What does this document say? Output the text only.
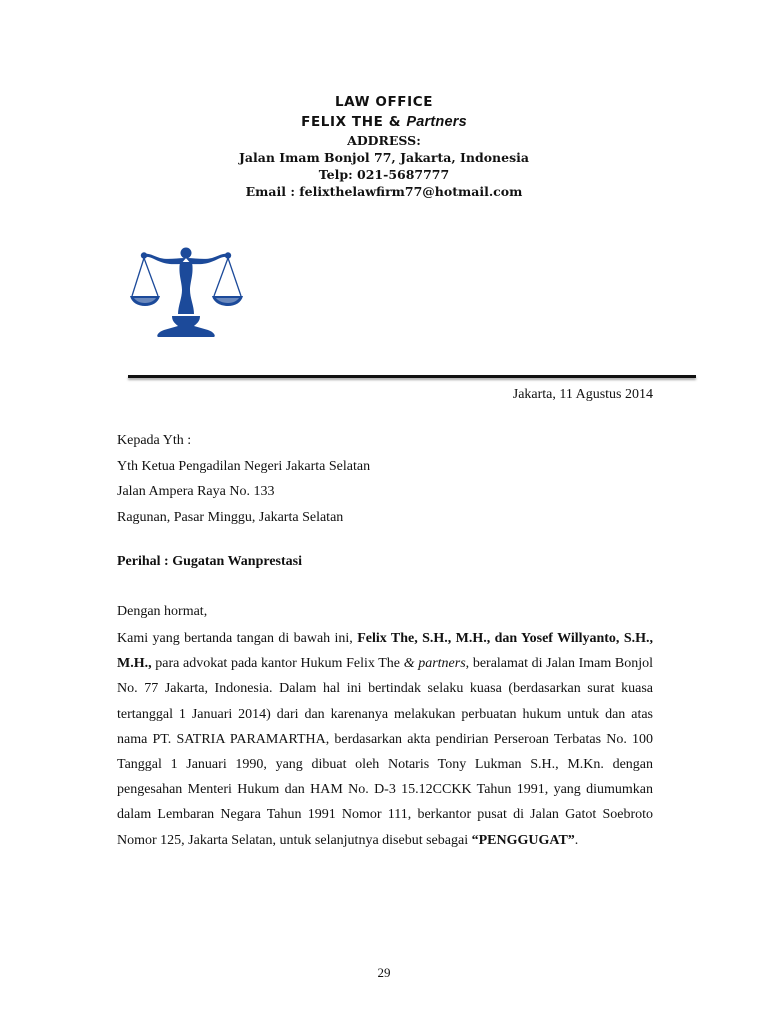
LAW OFFICE
FELIX THE & Partners
ADDRESS:
Jalan Imam Bonjol 77, Jakarta, Indonesia
Telp: 021-5687777
Email : felixthelawfirm77@hotmail.com
Jakarta, 11 Agustus 2014
Kepada Yth :
Yth Ketua Pengadilan Negeri Jakarta Selatan
Jalan Ampera Raya No. 133
Ragunan, Pasar Minggu, Jakarta Selatan
Perihal : Gugatan Wanprestasi
Dengan hormat,
Kami yang bertanda tangan di bawah ini, Felix The, S.H., M.H., dan Yosef Willyanto, S.H., M.H., para advokat pada kantor Hukum Felix The & partners, beralamat di Jalan Imam Bonjol No. 77 Jakarta, Indonesia. Dalam hal ini bertindak selaku kuasa (berdasarkan surat kuasa tertanggal 1 Januari 2014) dari dan karenanya melakukan perbuatan hukum untuk dan atas nama PT. SATRIA PARAMARTHA, berdasarkan akta pendirian Perseroan Terbatas No. 100 Tanggal 1 Januari 1990, yang dibuat oleh Notaris Tony Lukman S.H., M.Kn. dengan pengesahan Menteri Hukum dan HAM No. D-3 15.12CCKK Tahun 1991, yang diumumkan dalam Lembaran Negara Tahun 1991 Nomor 111, berkantor pusat di Jalan Gatot Soebroto Nomor 125, Jakarta Selatan, untuk selanjutnya disebut sebagai “PENGGUGAT”.
29
